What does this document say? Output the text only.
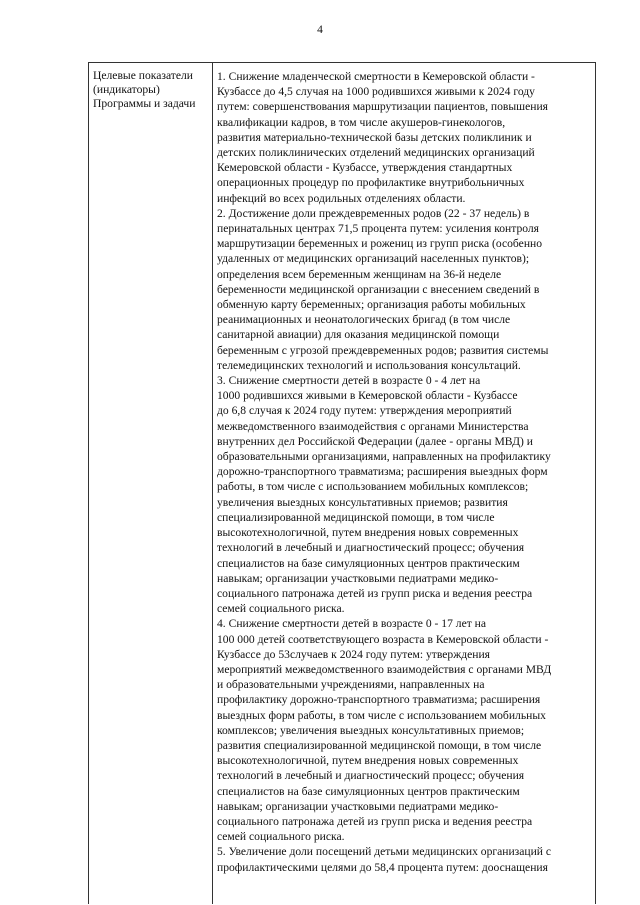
4
Целевые показатели
(индикаторы)
Программы и задачи
1. Снижение младенческой смертности в Кемеровской области -
Кузбассе до 4,5 случая на 1000 родившихся живыми к 2024 году
путем: совершенствования маршрутизации пациентов, повышения
квалификации кадров, в том числе акушеров-гинекологов,
развития материально-технической базы детских поликлиник и
детских поликлинических отделений медицинских организаций
Кемеровской области - Кузбассе, утверждения стандартных
операционных процедур по профилактике внутрибольничных
инфекций во всех родильных отделениях области.
2. Достижение доли преждевременных родов (22 - 37 недель) в
перинатальных центрах 71,5 процента путем: усиления контроля
маршрутизации беременных и рожениц из групп риска (особенно
удаленных от медицинских организаций населенных пунктов);
определения всем беременным женщинам на 36-й неделе
беременности медицинской организации с внесением сведений в
обменную карту беременных; организация работы мобильных
реанимационных и неонатологических бригад (в том числе
санитарной авиации) для оказания медицинской помощи
беременным с угрозой преждевременных родов; развития системы
телемедицинских технологий и использования консультаций.
3. Снижение смертности детей в возрасте 0 - 4 лет на
1000 родившихся живыми в Кемеровской области - Кузбассе
до 6,8 случая к 2024 году путем: утверждения мероприятий
межведомственного взаимодействия с органами Министерства
внутренних дел Российской Федерации (далее - органы МВД) и
образовательными организациями, направленных на профилактику
дорожно-транспортного травматизма; расширения выездных форм
работы, в том числе с использованием мобильных комплексов;
увеличения выездных консультативных приемов; развития
специализированной медицинской помощи, в том числе
высокотехнологичной, путем внедрения новых современных
технологий в лечебный и диагностический процесс; обучения
специалистов на базе симуляционных центров практическим
навыкам; организации участковыми педиатрами медико-
социального патронажа детей из групп риска и ведения реестра
семей социального риска.
4. Снижение смертности детей в возрасте 0 - 17 лет на
100 000 детей соответствующего возраста в Кемеровской области -
Кузбассе до 53случаев к 2024 году путем: утверждения
мероприятий межведомственного взаимодействия с органами МВД
и образовательными учреждениями, направленных на
профилактику дорожно-транспортного травматизма; расширения
выездных форм работы, в том числе с использованием мобильных
комплексов; увеличения выездных консультативных приемов;
развития специализированной медицинской помощи, в том числе
высокотехнологичной, путем внедрения новых современных
технологий в лечебный и диагностический процесс; обучения
специалистов на базе симуляционных центров практическим
навыкам; организации участковыми педиатрами медико-
социального патронажа детей из групп риска и ведения реестра
семей социального риска.
5. Увеличение доли посещений детьми медицинских организаций с
профилактическими целями до 58,4 процента путем: дооснащения
